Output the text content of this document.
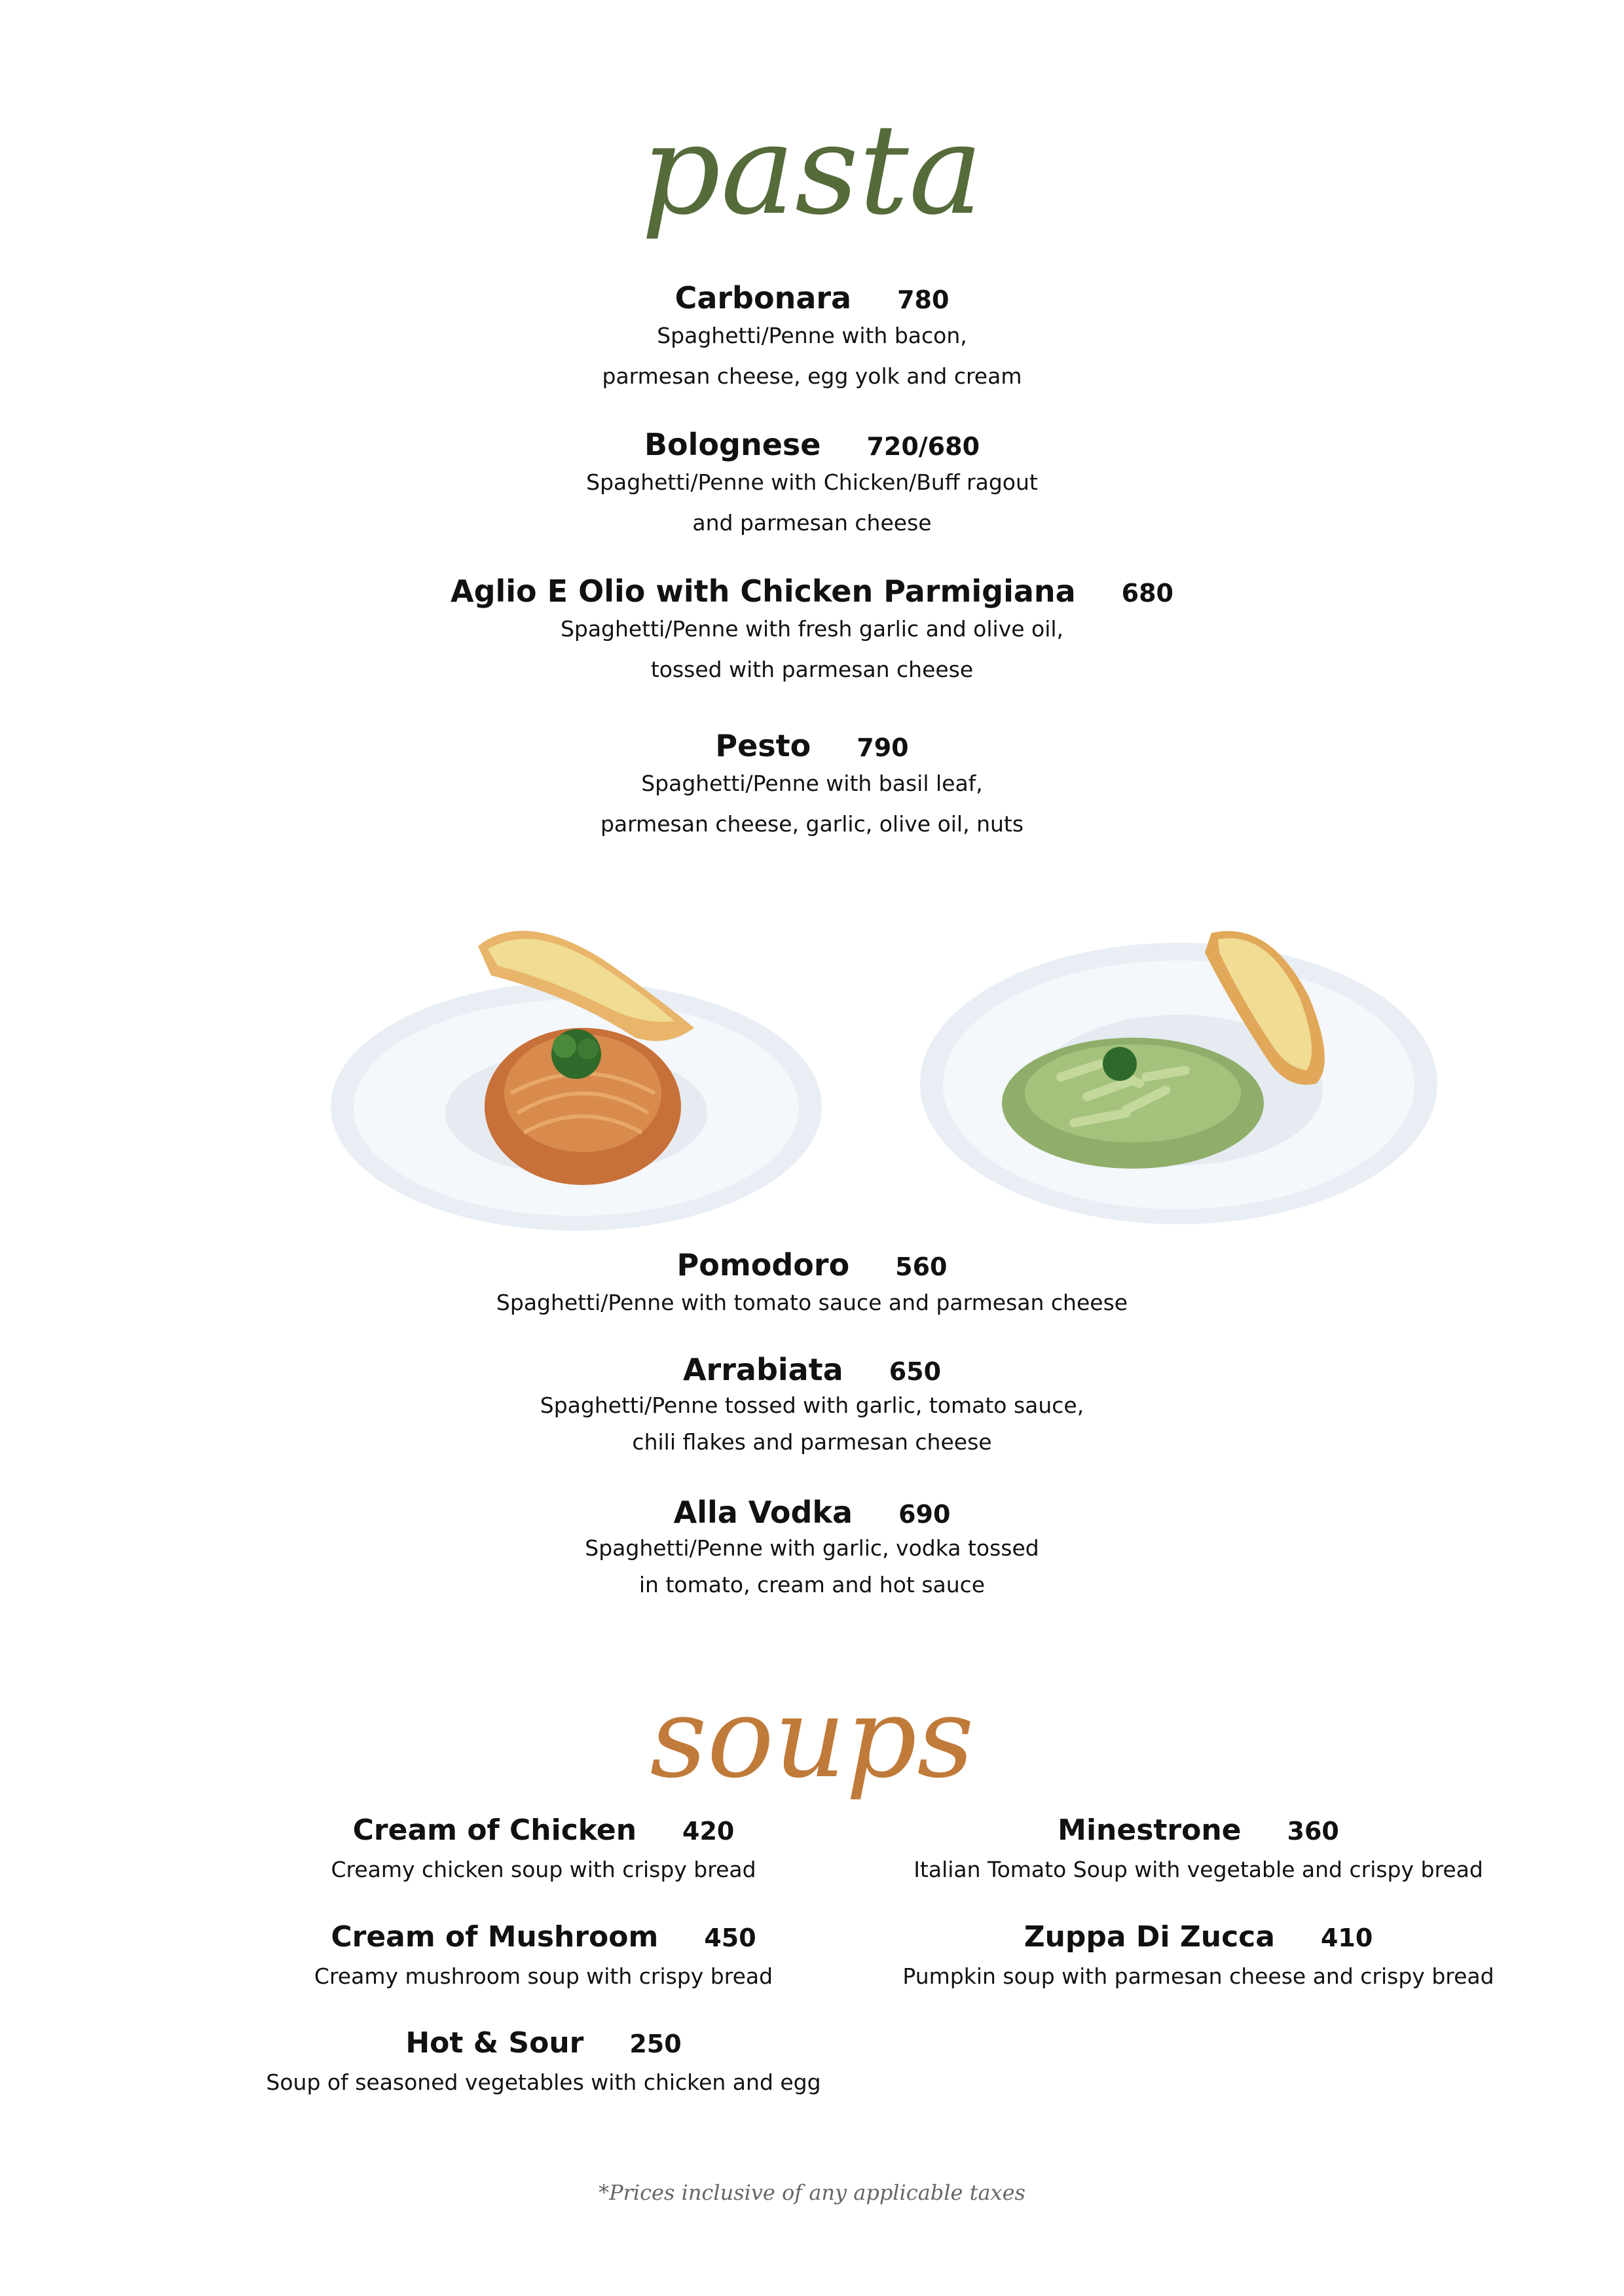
pasta
Carbonara 780
Spaghetti/Penne with bacon,
parmesan cheese, egg yolk and cream
Bolognese 720/680
Spaghetti/Penne with Chicken/Buff ragout
and parmesan cheese
Aglio E Olio with Chicken Parmigiana 680
Spaghetti/Penne with fresh garlic and olive oil,
tossed with parmesan cheese
Pesto 790
Spaghetti/Penne with basil leaf,
parmesan cheese, garlic, olive oil, nuts
Pomodoro 560
Spaghetti/Penne with tomato sauce and parmesan cheese
Arrabiata 650
Spaghetti/Penne tossed with garlic, tomato sauce,
chili flakes and parmesan cheese
Alla Vodka 690
Spaghetti/Penne with garlic, vodka tossed
in tomato, cream and hot sauce
soups
Cream of Chicken 420
Creamy chicken soup with crispy bread
Cream of Mushroom 450
Creamy mushroom soup with crispy bread
Hot & Sour 250
Soup of seasoned vegetables with chicken and egg
Minestrone 360
Italian Tomato Soup with vegetable and crispy bread
Zuppa Di Zucca 410
Pumpkin soup with parmesan cheese and crispy bread
*Prices inclusive of any applicable taxes
